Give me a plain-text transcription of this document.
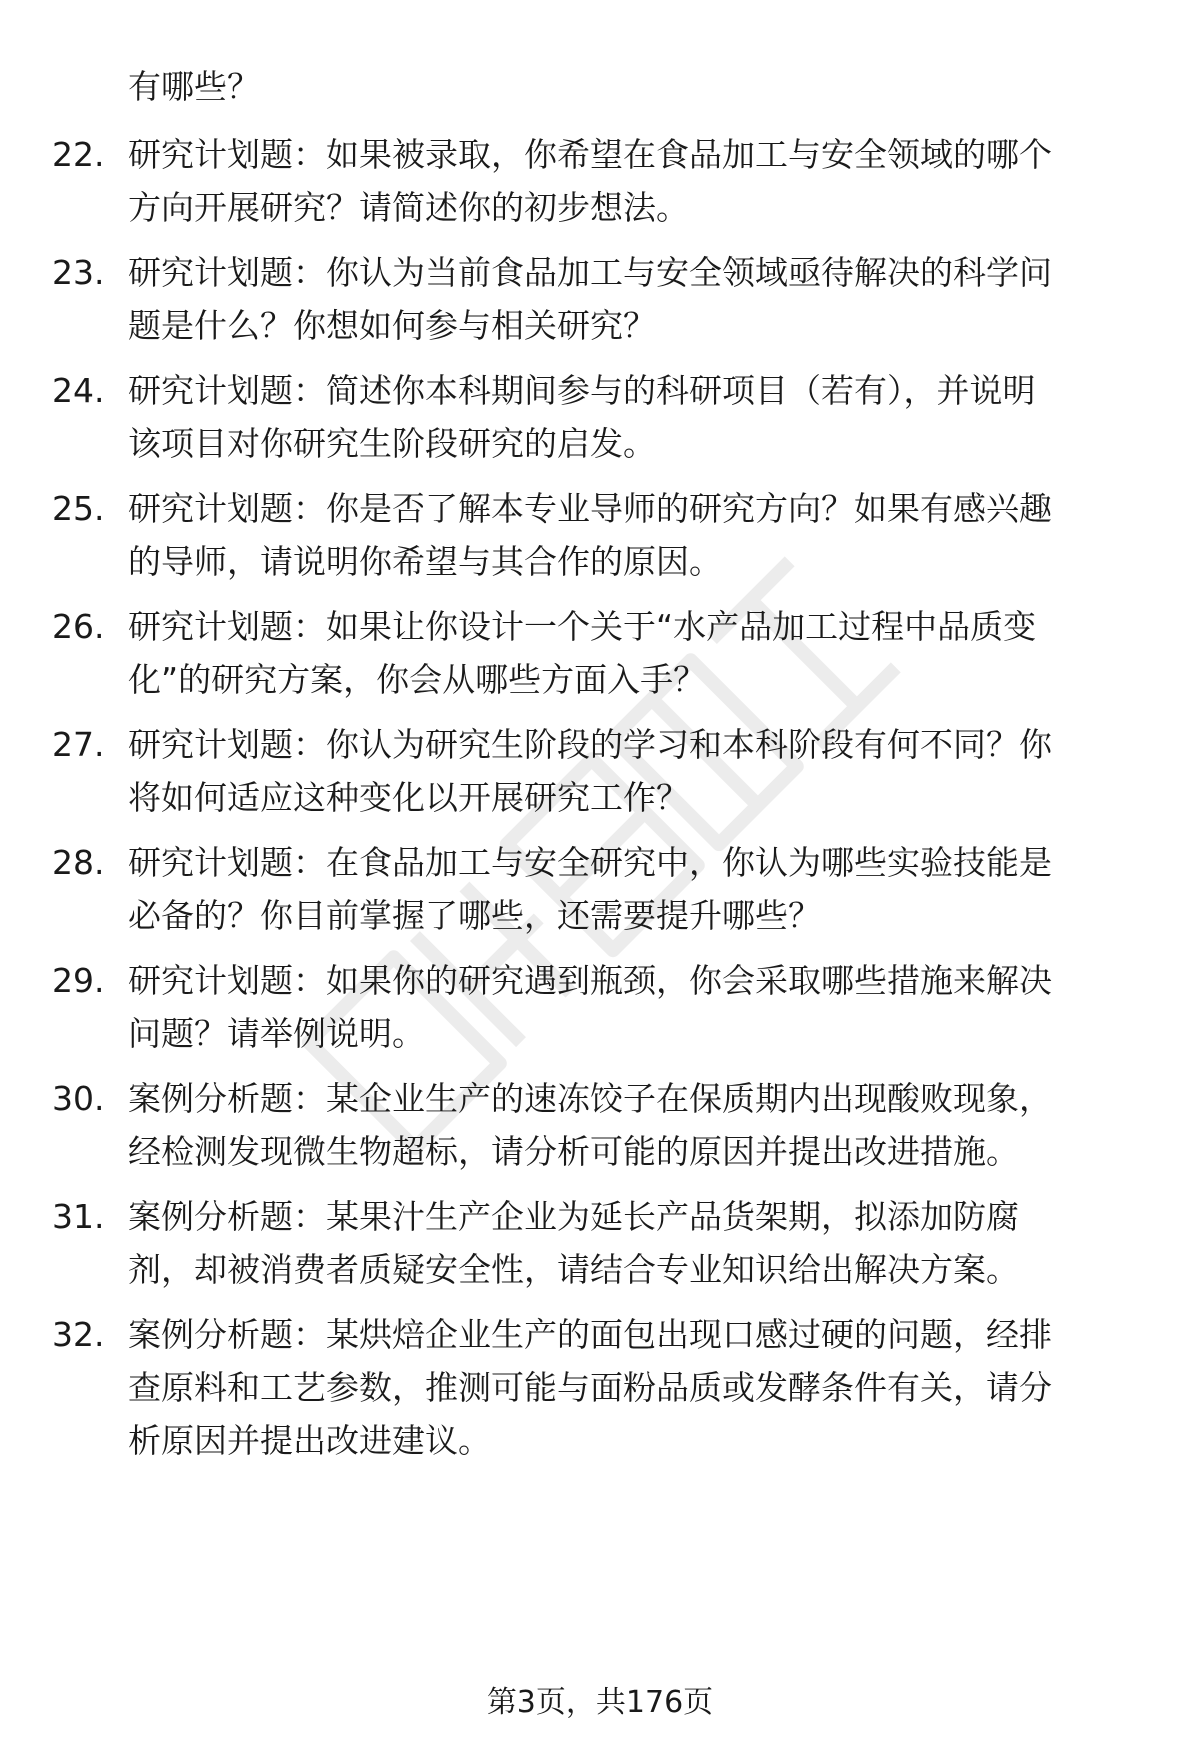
有哪些？
22. 研究计划题：如果被录取，你希望在食品加工与安全领域的哪个
方向开展研究？请简述你的初步想法。
23. 研究计划题：你认为当前食品加工与安全领域亟待解决的科学问
题是什么？你想如何参与相关研究？
24. 研究计划题：简述你本科期间参与的科研项目（若有），并说明
该项目对你研究生阶段研究的启发。
25. 研究计划题：你是否了解本专业导师的研究方向？如果有感兴趣
的导师，请说明你希望与其合作的原因。
26. 研究计划题：如果让你设计一个关于“水产品加工过程中品质变
化”的研究方案，你会从哪些方面入手？
27. 研究计划题：你认为研究生阶段的学习和本科阶段有何不同？你
将如何适应这种变化以开展研究工作？
28. 研究计划题：在食品加工与安全研究中，你认为哪些实验技能是
必备的？你目前掌握了哪些，还需要提升哪些？
29. 研究计划题：如果你的研究遇到瓶颈，你会采取哪些措施来解决
问题？请举例说明。
30. 案例分析题：某企业生产的速冻饺子在保质期内出现酸败现象，
经检测发现微生物超标，请分析可能的原因并提出改进措施。
31. 案例分析题：某果汁生产企业为延长产品货架期，拟添加防腐
剂，却被消费者质疑安全性，请结合专业知识给出解决方案。
32. 案例分析题：某烘焙企业生产的面包出现口感过硬的问题，经排
查原料和工艺参数，推测可能与面粉品质或发酵条件有关，请分
析原因并提出改进建议。
第3页，共176页
